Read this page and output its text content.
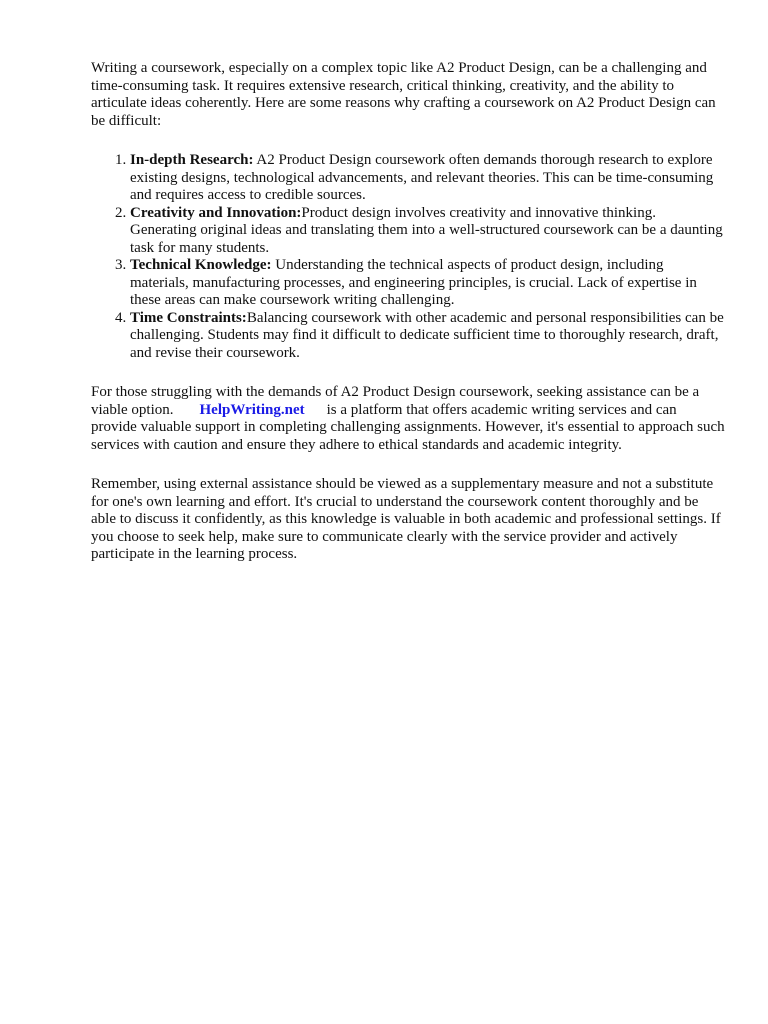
Writing a coursework, especially on a complex topic like A2 Product Design, can be a challenging and time-consuming task. It requires extensive research, critical thinking, creativity, and the ability to articulate ideas coherently. Here are some reasons why crafting a coursework on A2 Product Design can be difficult:

1. In-depth Research: A2 Product Design coursework often demands thorough research to explore existing designs, technological advancements, and relevant theories. This can be time-consuming and requires access to credible sources.
2. Creativity and Innovation:Product design involves creativity and innovative thinking. Generating original ideas and translating them into a well-structured coursework can be a daunting task for many students.
3. Technical Knowledge: Understanding the technical aspects of product design, including materials, manufacturing processes, and engineering principles, is crucial. Lack of expertise in these areas can make coursework writing challenging.
4. Time Constraints:Balancing coursework with other academic and personal responsibilities can be challenging. Students may find it difficult to dedicate sufficient time to thoroughly research, draft, and revise their coursework.

For those struggling with the demands of A2 Product Design coursework, seeking assistance can be a viable option. HelpWriting.net is a platform that offers academic writing services and can provide valuable support in completing challenging assignments. However, it's essential to approach such services with caution and ensure they adhere to ethical standards and academic integrity.

Remember, using external assistance should be viewed as a supplementary measure and not a substitute for one's own learning and effort. It's crucial to understand the coursework content thoroughly and be able to discuss it confidently, as this knowledge is valuable in both academic and professional settings. If you choose to seek help, make sure to communicate clearly with the service provider and actively participate in the learning process.
